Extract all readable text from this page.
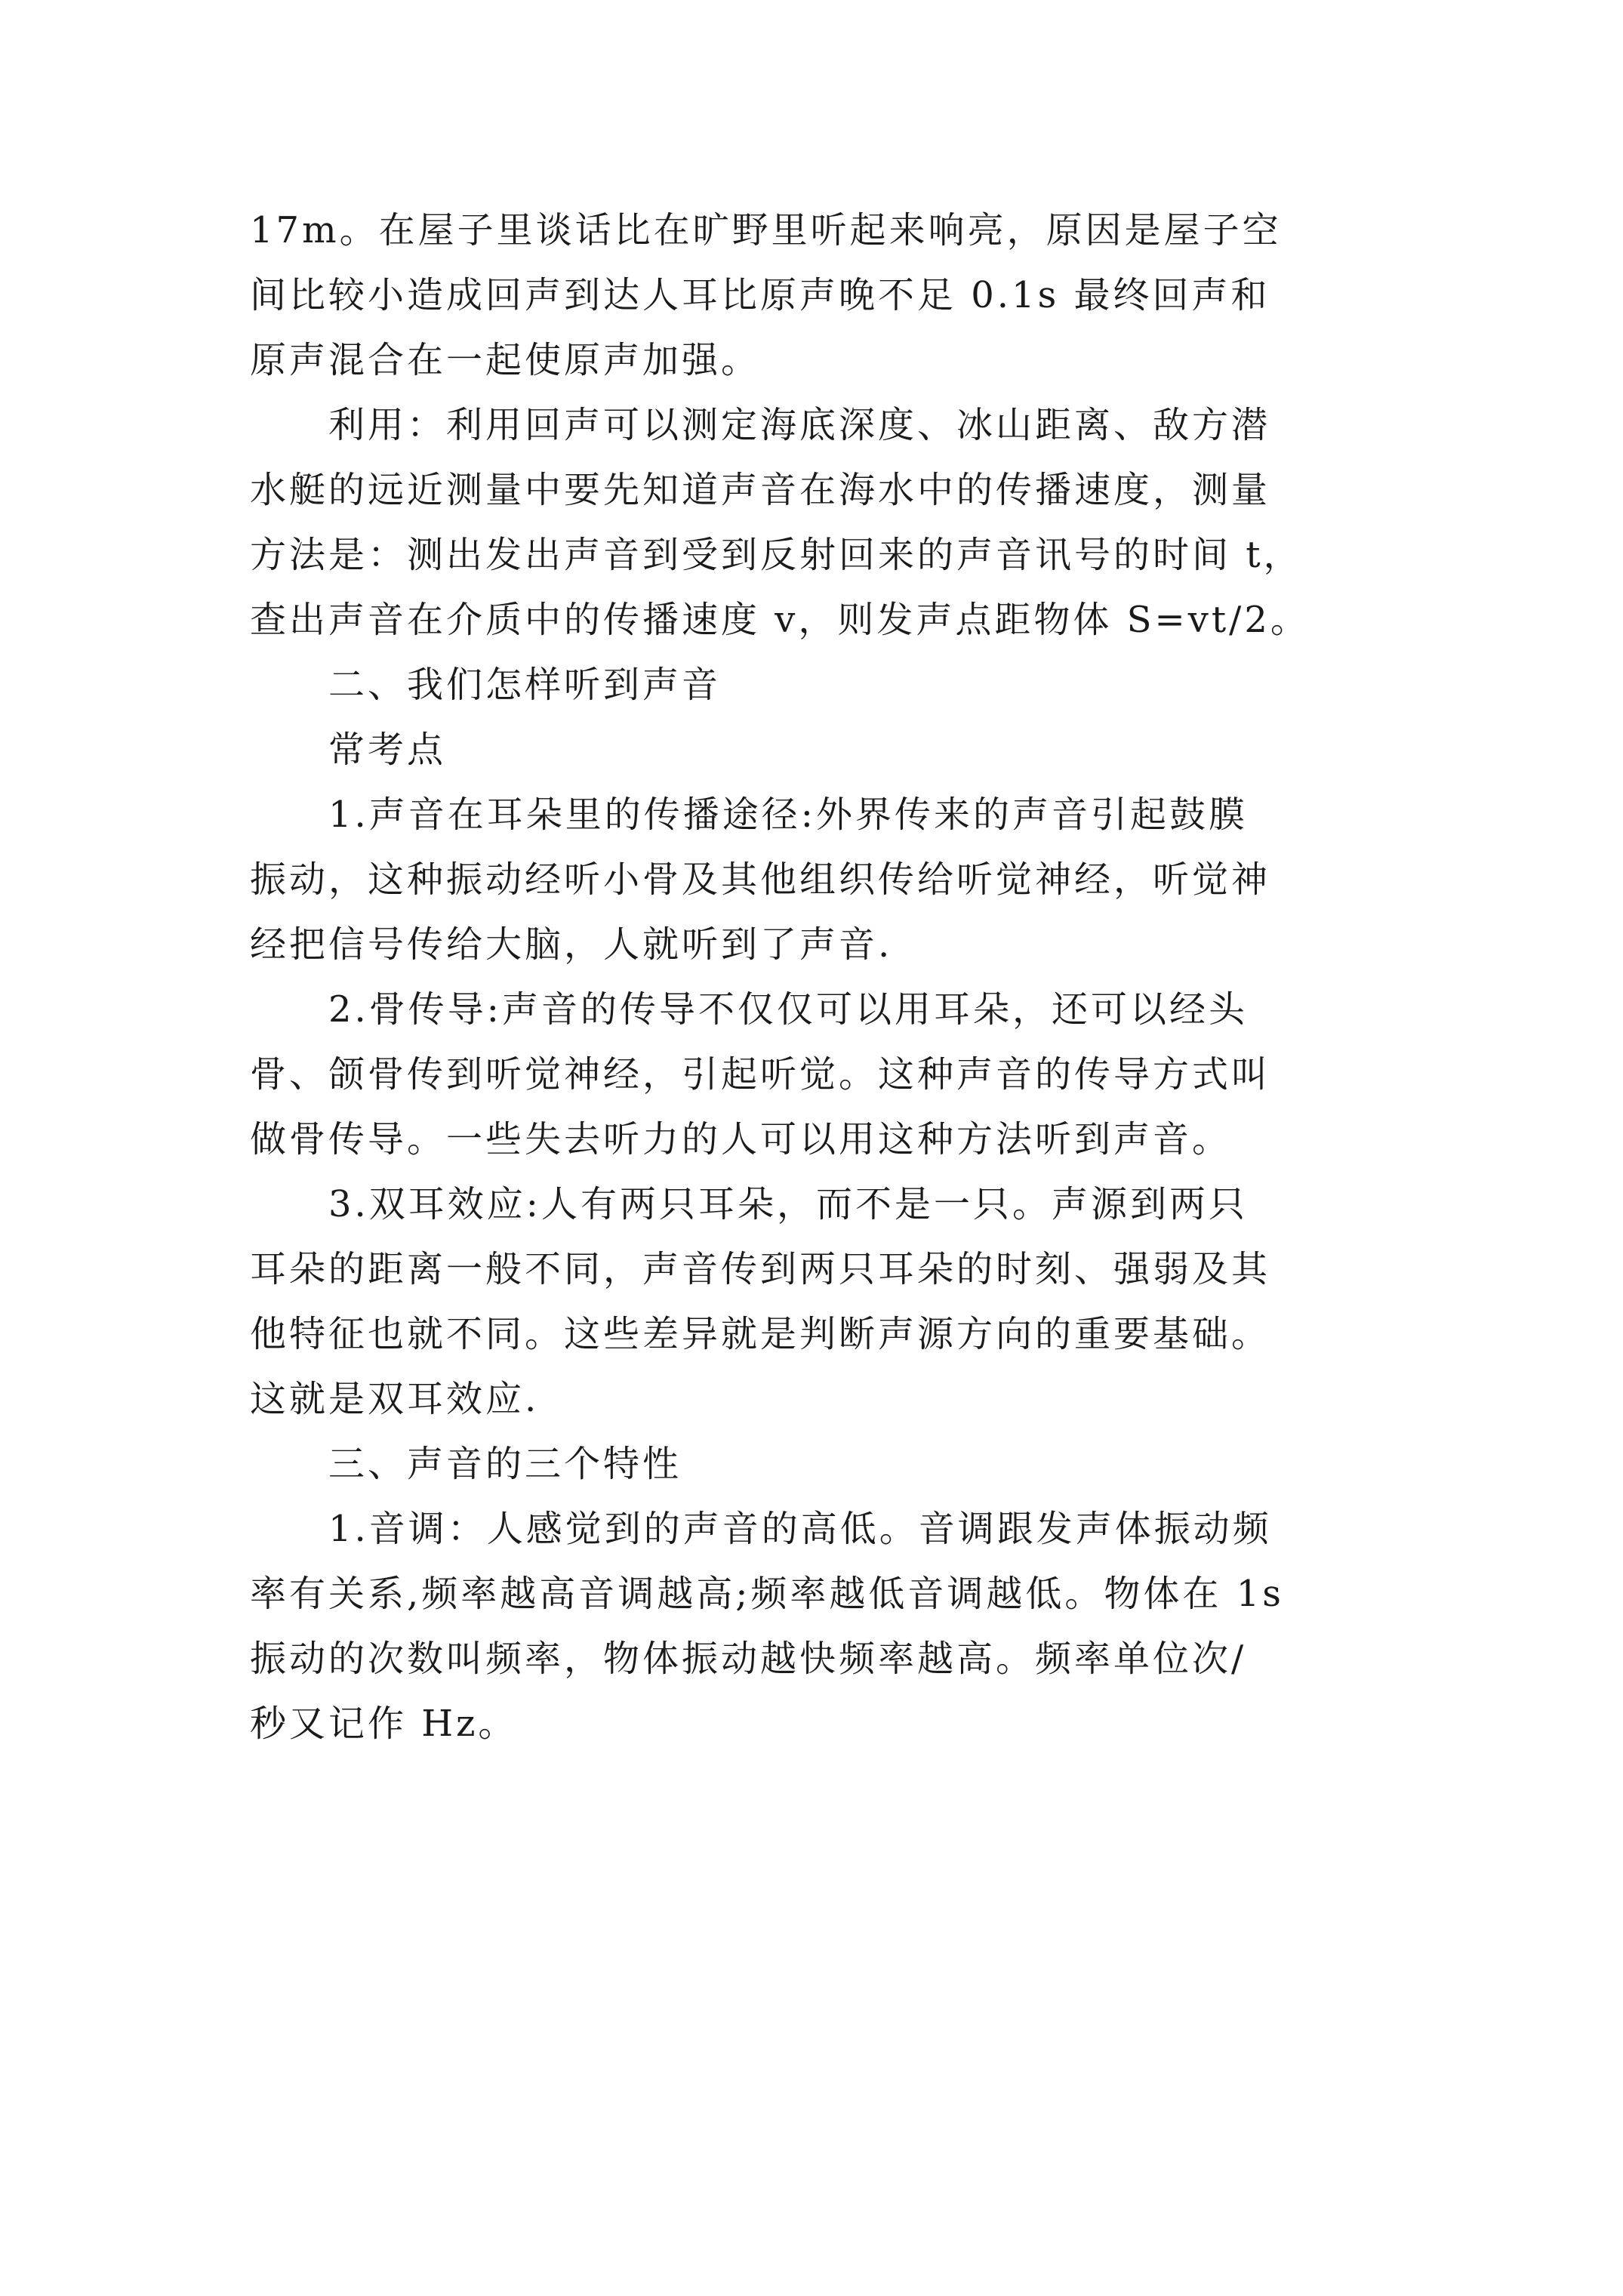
17m。在屋子里谈话比在旷野里听起来响亮，原因是屋子空
间比较小造成回声到达人耳比原声晚不足 0.1s 最终回声和
原声混合在一起使原声加强。
利用：利用回声可以测定海底深度、冰山距离、敌方潜
水艇的远近测量中要先知道声音在海水中的传播速度，测量
方法是：测出发出声音到受到反射回来的声音讯号的时间 t，
查出声音在介质中的传播速度 v，则发声点距物体 S=vt/2。
二、我们怎样听到声音
常考点
1.声音在耳朵里的传播途径:外界传来的声音引起鼓膜
振动，这种振动经听小骨及其他组织传给听觉神经，听觉神
经把信号传给大脑，人就听到了声音.
2.骨传导:声音的传导不仅仅可以用耳朵，还可以经头
骨、颌骨传到听觉神经，引起听觉。这种声音的传导方式叫
做骨传导。一些失去听力的人可以用这种方法听到声音。
3.双耳效应:人有两只耳朵，而不是一只。声源到两只
耳朵的距离一般不同，声音传到两只耳朵的时刻、强弱及其
他特征也就不同。这些差异就是判断声源方向的重要基础。
这就是双耳效应.
三、声音的三个特性
1.音调：人感觉到的声音的高低。音调跟发声体振动频
率有关系,频率越高音调越高;频率越低音调越低。物体在 1s
振动的次数叫频率，物体振动越快频率越高。频率单位次/
秒又记作 Hz。
